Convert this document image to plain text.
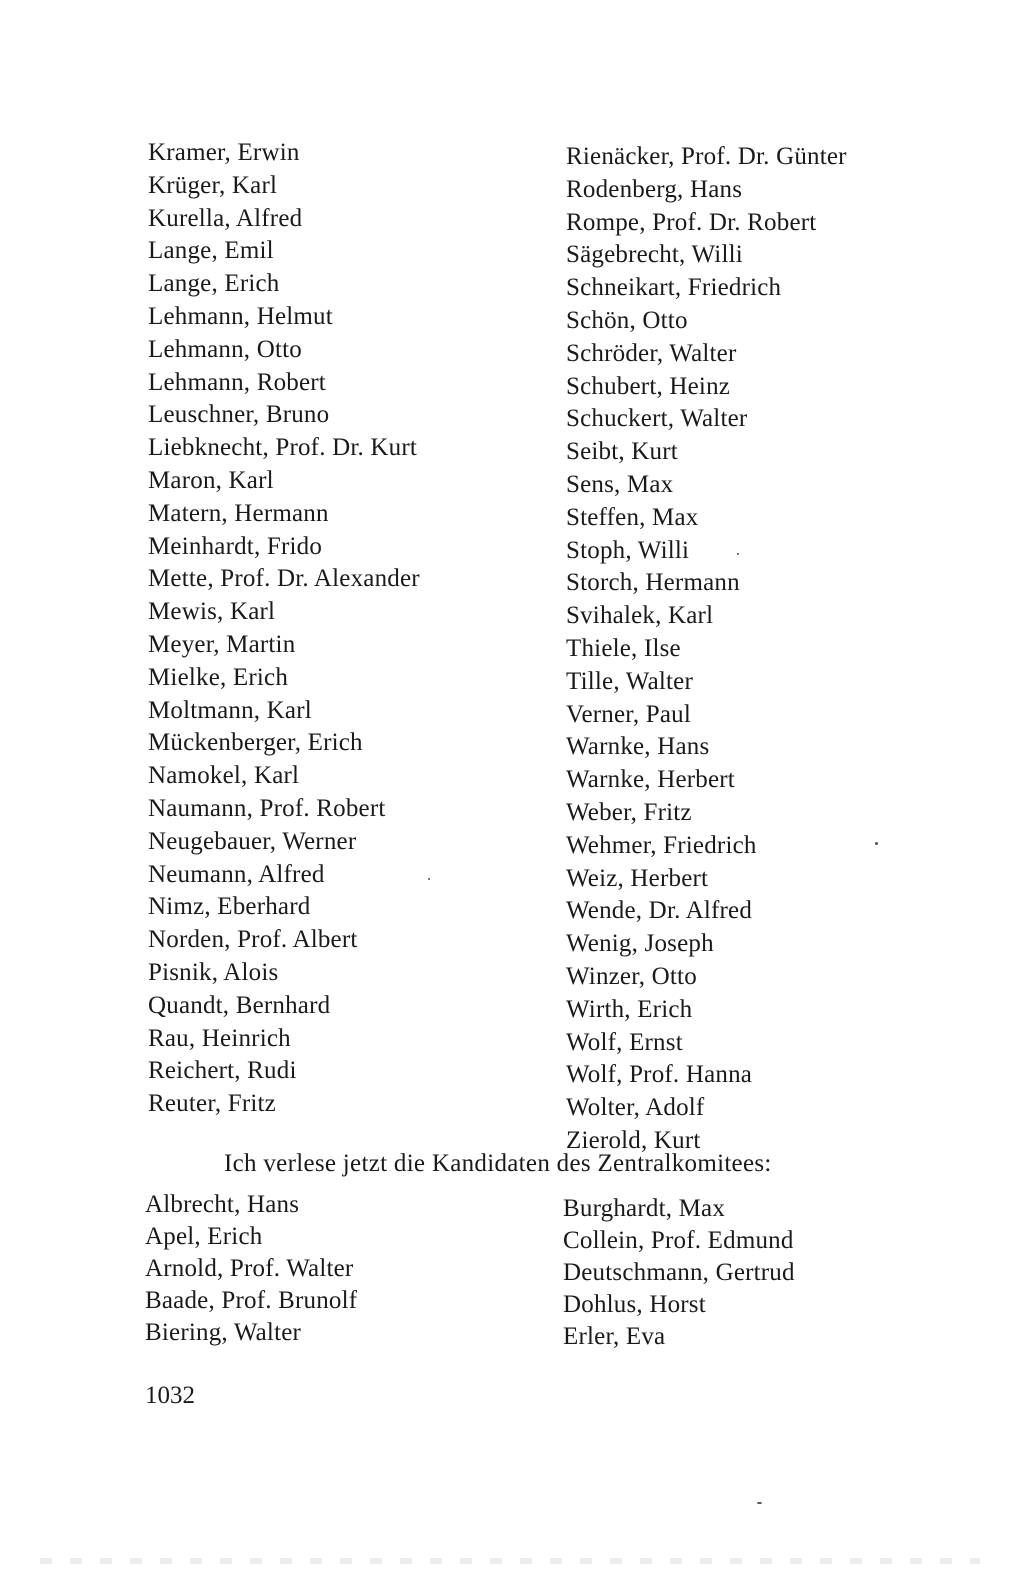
Kramer, Erwin
Krüger, Karl
Kurella, Alfred
Lange, Emil
Lange, Erich
Lehmann, Helmut
Lehmann, Otto
Lehmann, Robert
Leuschner, Bruno
Liebknecht, Prof. Dr. Kurt
Maron, Karl
Matern, Hermann
Meinhardt, Frido
Mette, Prof. Dr. Alexander
Mewis, Karl
Meyer, Martin
Mielke, Erich
Moltmann, Karl
Mückenberger, Erich
Namokel, Karl
Naumann, Prof. Robert
Neugebauer, Werner
Neumann, Alfred
Nimz, Eberhard
Norden, Prof. Albert
Pisnik, Alois
Quandt, Bernhard
Rau, Heinrich
Reichert, Rudi
Reuter, Fritz
Rienäcker, Prof. Dr. Günter
Rodenberg, Hans
Rompe, Prof. Dr. Robert
Sägebrecht, Willi
Schneikart, Friedrich
Schön, Otto
Schröder, Walter
Schubert, Heinz
Schuckert, Walter
Seibt, Kurt
Sens, Max
Steffen, Max
Stoph, Willi
Storch, Hermann
Svihalek, Karl
Thiele, Ilse
Tille, Walter
Verner, Paul
Warnke, Hans
Warnke, Herbert
Weber, Fritz
Wehmer, Friedrich
Weiz, Herbert
Wende, Dr. Alfred
Wenig, Joseph
Winzer, Otto
Wirth, Erich
Wolf, Ernst
Wolf, Prof. Hanna
Wolter, Adolf
Zierold, Kurt
Ich verlese jetzt die Kandidaten des Zentralkomitees:
Albrecht, Hans
Apel, Erich
Arnold, Prof. Walter
Baade, Prof. Brunolf
Biering, Walter
Burghardt, Max
Collein, Prof. Edmund
Deutschmann, Gertrud
Dohlus, Horst
Erler, Eva
1032
